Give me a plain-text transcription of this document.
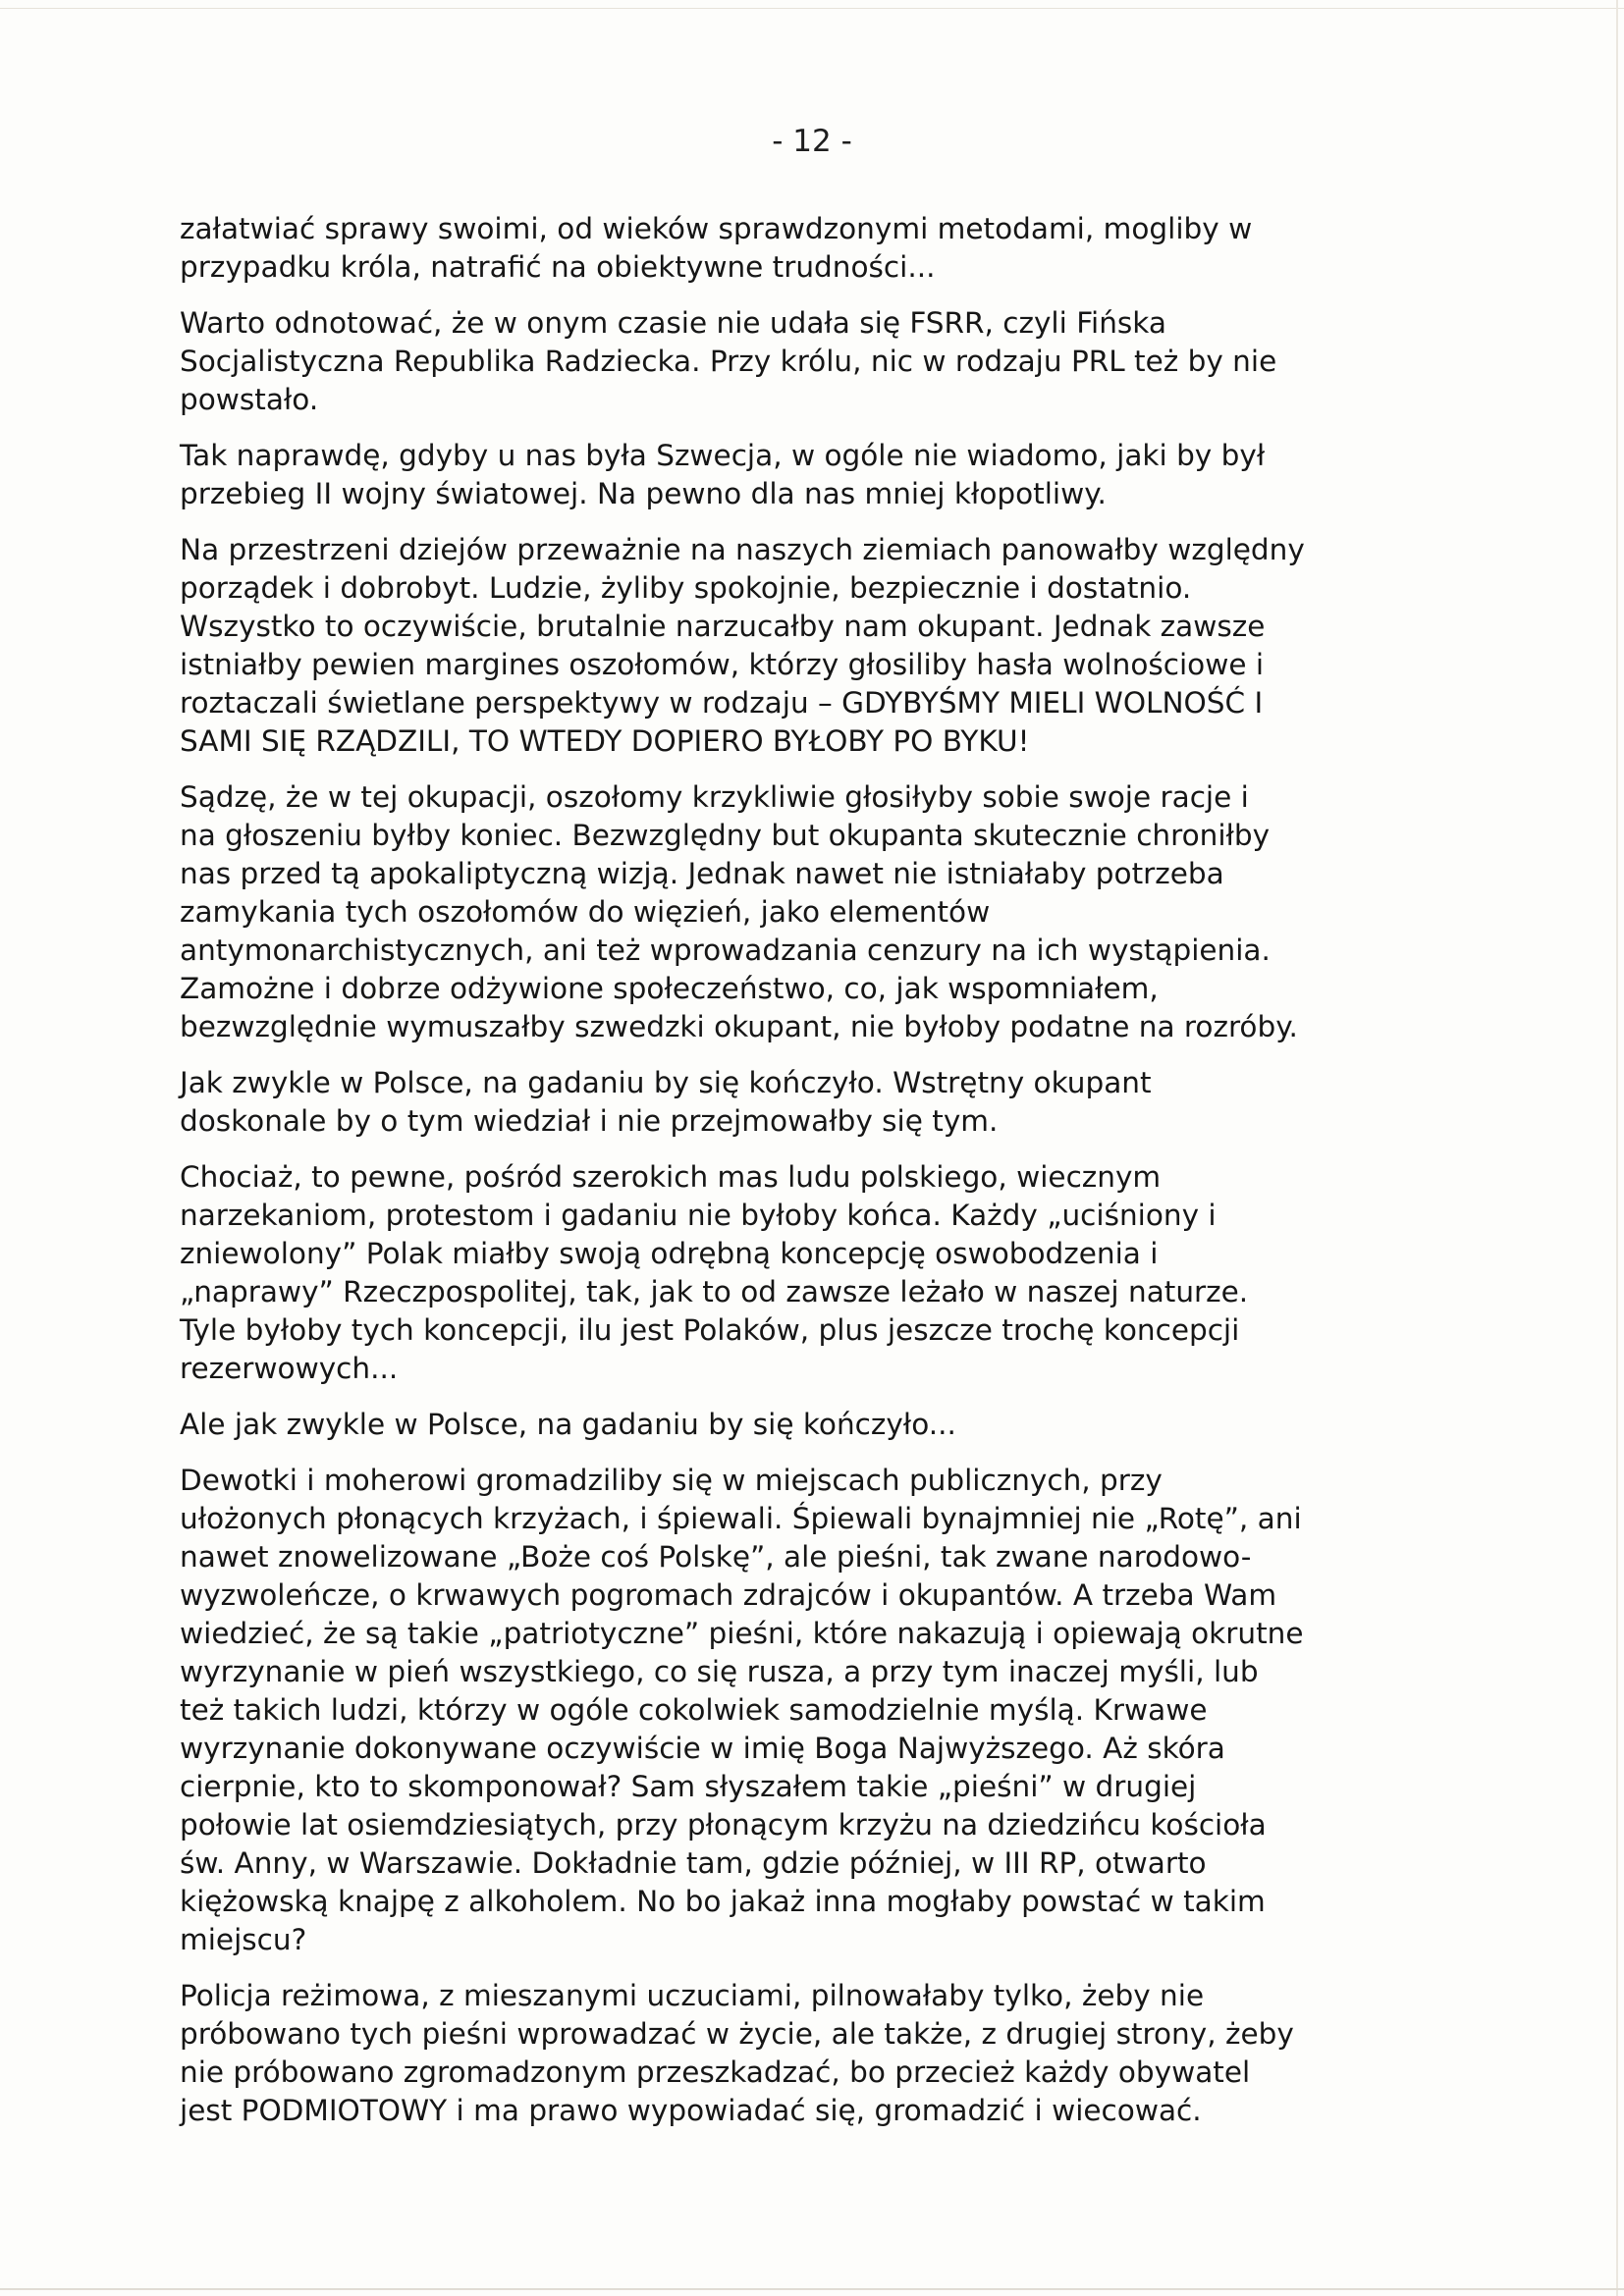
- 12 -

załatwiać sprawy swoimi, od wieków sprawdzonymi metodami, mogliby w
przypadku króla, natrafić na obiektywne trudności...

Warto odnotować, że w onym czasie nie udała się FSRR, czyli Fińska
Socjalistyczna Republika Radziecka. Przy królu, nic w rodzaju PRL też by nie
powstało.

Tak naprawdę, gdyby u nas była Szwecja, w ogóle nie wiadomo, jaki by był
przebieg II wojny światowej. Na pewno dla nas mniej kłopotliwy.

Na przestrzeni dziejów przeważnie na naszych ziemiach panowałby względny
porządek i dobrobyt. Ludzie, żyliby spokojnie, bezpiecznie i dostatnio.
Wszystko to oczywiście, brutalnie narzucałby nam okupant. Jednak zawsze
istniałby pewien margines oszołomów, którzy głosiliby hasła wolnościowe i
roztaczali świetlane perspektywy w rodzaju – GDYBYŚMY MIELI WOLNOŚĆ I
SAMI SIĘ RZĄDZILI, TO WTEDY DOPIERO BYŁOBY PO BYKU!

Sądzę, że w tej okupacji, oszołomy krzykliwie głosiłyby sobie swoje racje i
na głoszeniu byłby koniec. Bezwzględny but okupanta skutecznie chroniłby
nas przed tą apokaliptyczną wizją. Jednak nawet nie istniałaby potrzeba
zamykania tych oszołomów do więzień, jako elementów
antymonarchistycznych, ani też wprowadzania cenzury na ich wystąpienia.
Zamożne i dobrze odżywione społeczeństwo, co, jak wspomniałem,
bezwzględnie wymuszałby szwedzki okupant, nie byłoby podatne na rozróby.

Jak zwykle w Polsce, na gadaniu by się kończyło. Wstrętny okupant
doskonale by o tym wiedział i nie przejmowałby się tym.

Chociaż, to pewne, pośród szerokich mas ludu polskiego, wiecznym
narzekaniom, protestom i gadaniu nie byłoby końca. Każdy „uciśniony i
zniewolony” Polak miałby swoją odrębną koncepcję oswobodzenia i
„naprawy” Rzeczpospolitej, tak, jak to od zawsze leżało w naszej naturze.
Tyle byłoby tych koncepcji, ilu jest Polaków, plus jeszcze trochę koncepcji
rezerwowych...

Ale jak zwykle w Polsce, na gadaniu by się kończyło...

Dewotki i moherowi gromadziliby się w miejscach publicznych, przy
ułożonych płonących krzyżach, i śpiewali. Śpiewali bynajmniej nie „Rotę”, ani
nawet znowelizowane „Boże coś Polskę”, ale pieśni, tak zwane narodowo-
wyzwoleńcze, o krwawych pogromach zdrajców i okupantów. A trzeba Wam
wiedzieć, że są takie „patriotyczne” pieśni, które nakazują i opiewają okrutne
wyrzynanie w pień wszystkiego, co się rusza, a przy tym inaczej myśli, lub
też takich ludzi, którzy w ogóle cokolwiek samodzielnie myślą. Krwawe
wyrzynanie dokonywane oczywiście w imię Boga Najwyższego. Aż skóra
cierpnie, kto to skomponował? Sam słyszałem takie „pieśni” w drugiej
połowie lat osiemdziesiątych, przy płonącym krzyżu na dziedzińcu kościoła
św. Anny, w Warszawie. Dokładnie tam, gdzie później, w III RP, otwarto
kiężowską knajpę z alkoholem. No bo jakaż inna mogłaby powstać w takim
miejscu?

Policja reżimowa, z mieszanymi uczuciami, pilnowałaby tylko, żeby nie
próbowano tych pieśni wprowadzać w życie, ale także, z drugiej strony, żeby
nie próbowano zgromadzonym przeszkadzać, bo przecież każdy obywatel
jest PODMIOTOWY i ma prawo wypowiadać się, gromadzić i wiecować.
